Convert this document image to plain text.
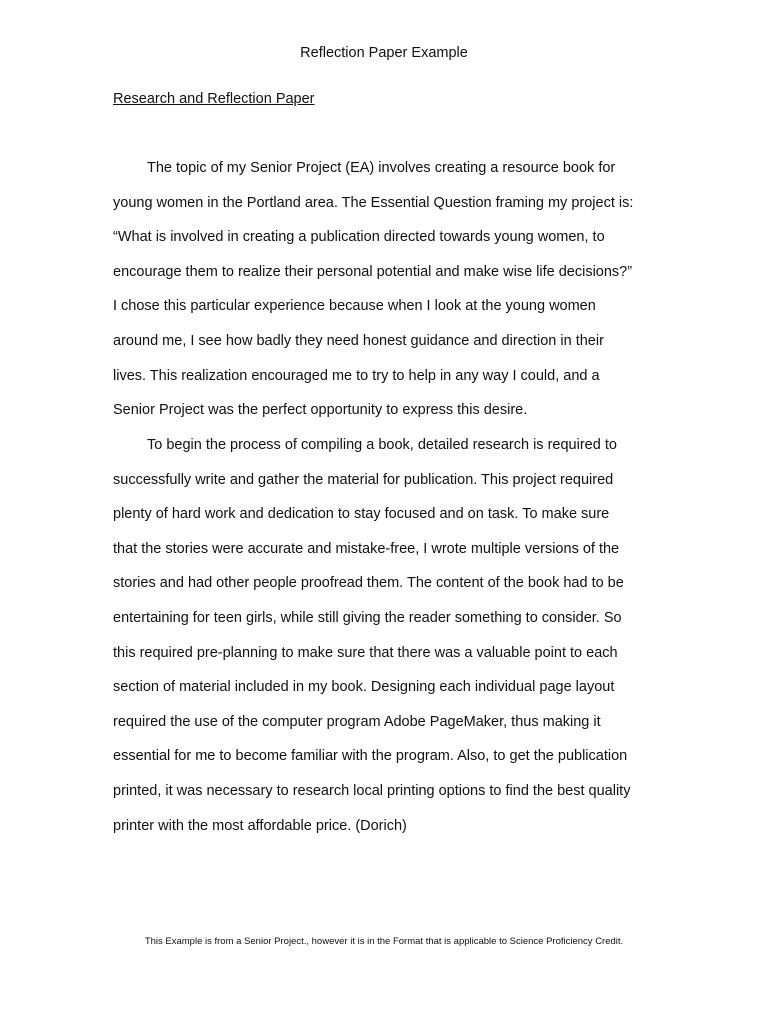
Reflection Paper Example
Research and Reflection Paper

The topic of my Senior Project (EA) involves creating a resource book for

young women in the Portland area. The Essential Question framing my project is:

“What is involved in creating a publication directed towards young women, to

encourage them to realize their personal potential and make wise life decisions?”

I chose this particular experience because when I look at the young women

around me, I see how badly they need honest guidance and direction in their

lives. This realization encouraged me to try to help in any way I could, and a

Senior Project was the perfect opportunity to express this desire.

To begin the process of compiling a book, detailed research is required to

successfully write and gather the material for publication. This project required

plenty of hard work and dedication to stay focused and on task. To make sure

that the stories were accurate and mistake-free, I wrote multiple versions of the

stories and had other people proofread them. The content of the book had to be

entertaining for teen girls, while still giving the reader something to consider. So

this required pre-planning to make sure that there was a valuable point to each

section of material included in my book. Designing each individual page layout

required the use of the computer program Adobe PageMaker, thus making it

essential for me to become familiar with the program. Also, to get the publication

printed, it was necessary to research local printing options to find the best quality

printer with the most affordable price. (Dorich)

This Example is from a Senior Project., however it is in the Format that is applicable to Science Proficiency Credit.
